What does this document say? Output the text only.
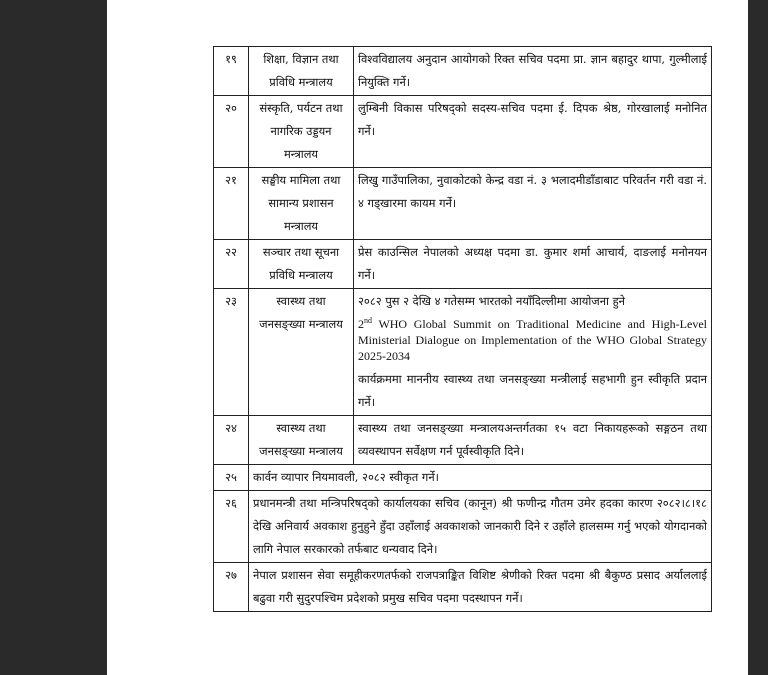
१९	शिक्षा, विज्ञान तथा प्रविधि मन्त्रालय	विश्वविद्यालय अनुदान आयोगको रिक्त सचिव पदमा प्रा. ज्ञान बहादुर थापा, गुल्मीलाई नियुक्ति गर्ने।
२०	संस्कृति, पर्यटन तथा नागरिक उड्डयन मन्त्रालय	लुम्बिनी विकास परिषद्को सदस्य-सचिव पदमा ई. दिपक श्रेष्ठ, गोरखालाई मनोनित गर्ने।
२१	सङ्घीय मामिला तथा सामान्य प्रशासन मन्त्रालय	लिखु गाउँपालिका, नुवाकोटको केन्द्र वडा नं. ३ भलादमीडाँडाबाट परिवर्तन गरी वडा नं. ४ गड्खारमा कायम गर्ने।
२२	सञ्चार तथा सूचना प्रविधि मन्त्रालय	प्रेस काउन्सिल नेपालको अध्यक्ष पदमा डा. कुमार शर्मा आचार्य, दाङलाई मनोनयन गर्ने।
२३	स्वास्थ्य तथा जनसङ्ख्या मन्त्रालय	२०८२ पुस २ देखि ४ गतेसम्म भारतको नयाँदिल्लीमा आयोजना हुने
2nd WHO Global Summit on Traditional Medicine and High-Level Ministerial Dialogue on Implementation of the WHO Global Strategy 2025-2034 कार्यक्रममा माननीय स्वास्थ्य तथा जनसङ्ख्या मन्त्रीलाई सहभागी हुन स्वीकृति प्रदान गर्ने।
२४	स्वास्थ्य तथा जनसङ्ख्या मन्त्रालय	स्वास्थ्य तथा जनसङ्ख्या मन्त्रालयअन्तर्गतका १५ वटा निकायहरूको सङ्गठन तथा व्यवस्थापन सर्वेक्षण गर्न पूर्वस्वीकृति दिने।
२५	कार्वन व्यापार नियमावली, २०८२ स्वीकृत गर्ने।	
२६	प्रधानमन्त्री तथा मन्त्रिपरिषद्को कार्यालयका सचिव (कानून) श्री फणीन्द्र गौतम उमेर हदका कारण २०८२।८।१८ देखि अनिवार्य अवकाश हुनुहुने हुँदा उहाँलाई अवकाशको जानकारी दिने र उहाँले हालसम्म गर्नु भएको योगदानको लागि नेपाल सरकारको तर्फबाट धन्यवाद दिने।	
२७	नेपाल प्रशासन सेवा समूहीकरणतर्फको राजपत्राङ्कित विशिष्ट श्रेणीको रिक्त पदमा श्री बैकुण्ठ प्रसाद अर्याललाई बढुवा गरी सुदुरपश्चिम प्रदेशको प्रमुख सचिव पदमा पदस्थापन गर्ने।	
